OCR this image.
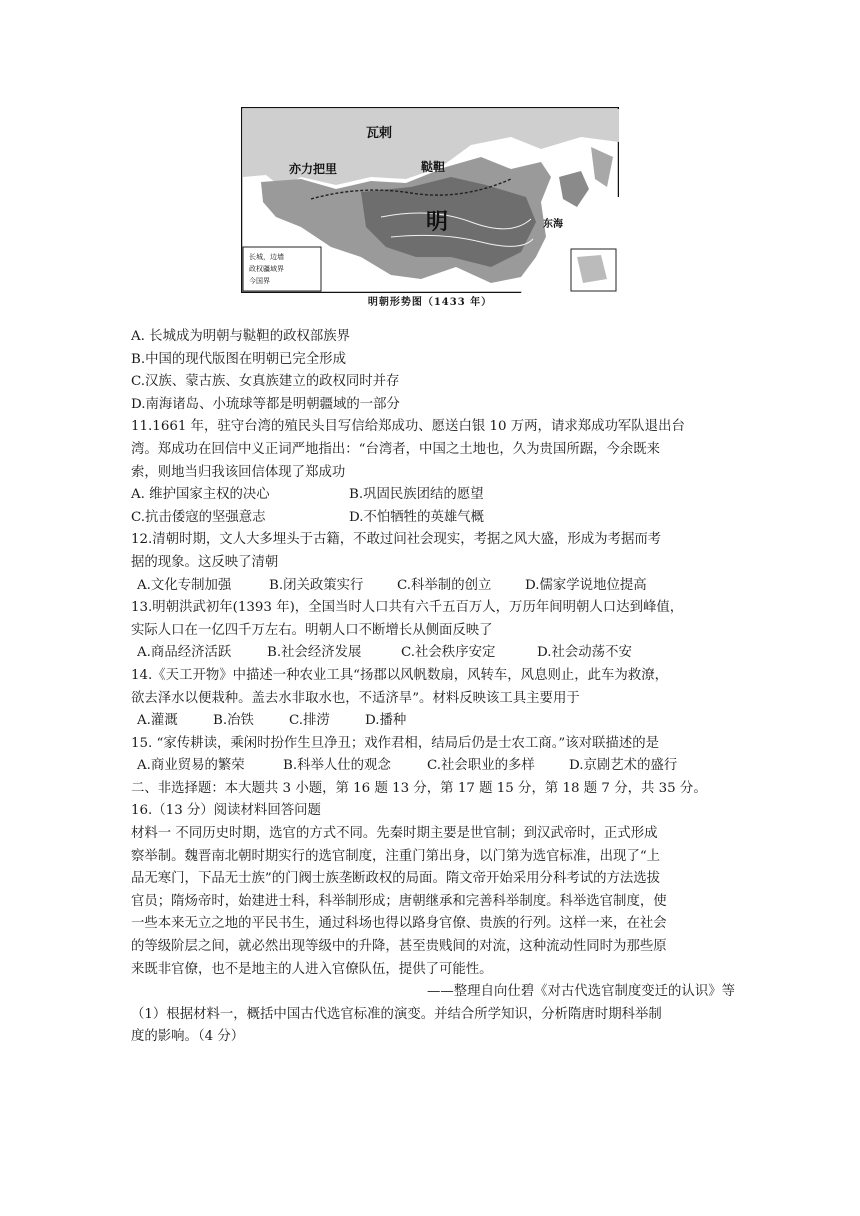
长城，边墙
政权疆域界
今国界
瓦剌
亦力把里	鞑靼
明	东海
明朝形势图（1433 年）
A. 长城成为明朝与鞑靼的政权部族界
B.中国的现代版图在明朝已完全形成
C.汉族、蒙古族、女真族建立的政权同时并存
D.南海诸岛、小琉球等都是明朝疆域的一部分
11.1661 年，驻守台湾的殖民头目写信给郑成功、愿送白银 10 万两，请求郑成功军队退出台
湾。郑成功在回信中义正词严地指出：“台湾者，中国之土地也，久为贵国所踞，今余既来
索，则地当归我该回信体现了郑成功
A. 维护国家主权的决心	B.巩固民族团结的愿望
C.抗击倭寇的坚强意志	D.不怕牺牲的英雄气概
12.清朝时期，文人大多埋头于古籍，不敢过问社会现实，考据之风大盛，形成为考据而考
据的现象。这反映了清朝
A.文化专制加强	B.闭关政策实行	C.科举制的创立	D.儒家学说地位提高
13.明朝洪武初年(1393 年)，全国当时人口共有六千五百万人，万历年间明朝人口达到峰值，
实际人口在一亿四千万左右。明朝人口不断增长从侧面反映了
A.商品经济活跃	B.社会经济发展	C.社会秩序安定	D.社会动荡不安
14.《天工开物》中描述一种农业工具“扬郡以风帆数扇，风转车，风息则止，此车为救潦，
欲去泽水以便栽种。盖去水非取水也，不适济旱”。材料反映该工具主要用于
A.灌溉	B.冶铁	C.排涝	D.播种
15. “家传耕读，乘闲时扮作生旦净丑；戏作君相，结局后仍是士农工商。”该对联描述的是
A.商业贸易的繁荣	B.科举人仕的观念	C.社会职业的多样	D.京剧艺术的盛行
二、非选择题：本大题共 3 小题，第 16 题 13 分，第 17 题 15 分，第 18 题 7 分，共 35 分。
16.（13 分）阅读材料回答问题
材料一 不同历史时期，选官的方式不同。先秦时期主要是世官制；到汉武帝时，正式形成
察举制。魏晋南北朝时期实行的选官制度，注重门第出身，以门第为选官标准，出现了“上
品无寒门，下品无士族”的门阀士族垄断政权的局面。隋文帝开始采用分科考试的方法选拔
官员；隋炀帝时，始建进士科，科举制形成；唐朝继承和完善科举制度。科举选官制度，使
一些本来无立之地的平民书生，通过科场也得以路身官僚、贵族的行列。这样一来，在社会
的等级阶层之间，就必然出现等级中的升降，甚至贵贱间的对流，这种流动性同时为那些原
来既非官僚，也不是地主的人进入官僚队伍，提供了可能性。
——整理自向仕碧《对古代选官制度变迁的认识》等
（1）根据材料一，概括中国古代选官标准的演变。并结合所学知识，分析隋唐时期科举制
度的影响。（4 分）
